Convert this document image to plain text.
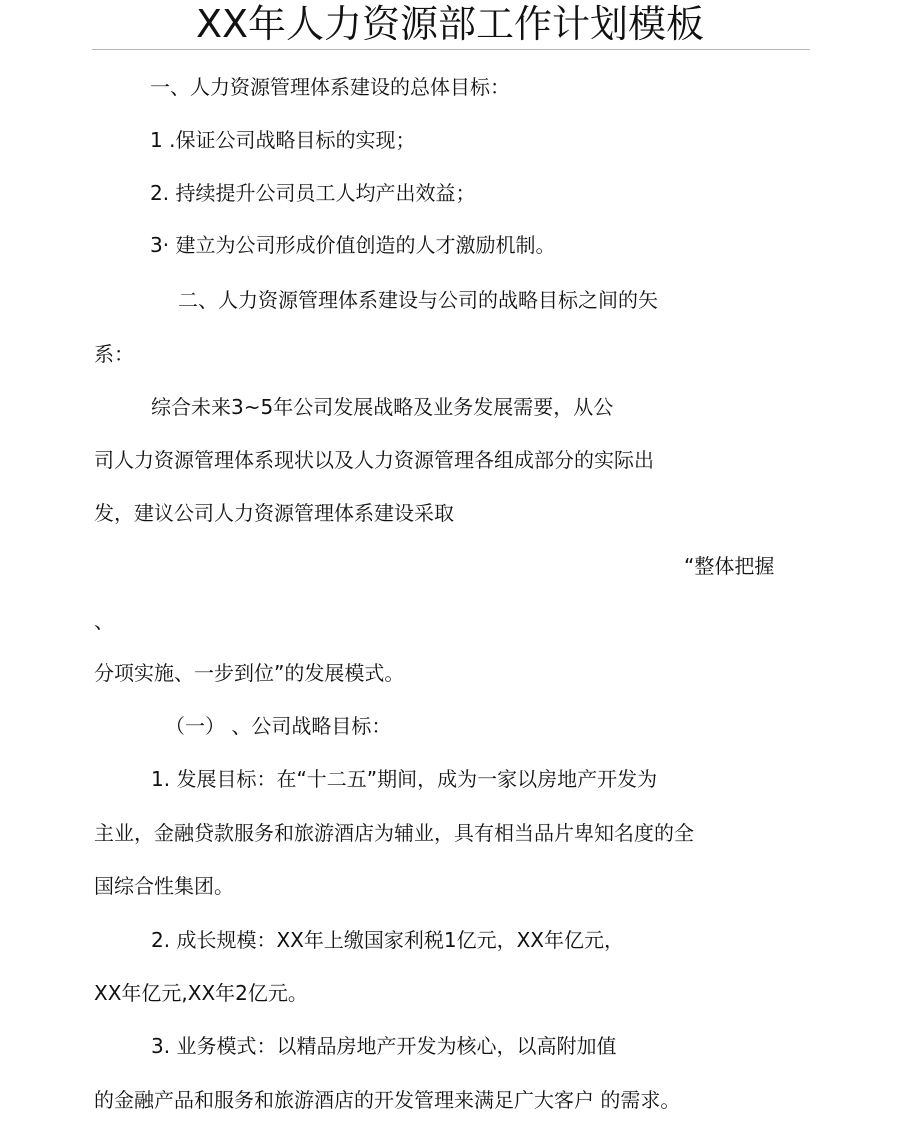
XX年人力资源部工作计划模板
一、人力资源管理体系建设的总体目标：
1 .保证公司战略目标的实现；
2. 持续提升公司员工人均产出效益；
3· 建立为公司形成价值创造的人才激励机制。
二、人力资源管理体系建设与公司的战略目标之间的矢
系：
综合未来3~5年公司发展战略及业务发展需要，从公
司人力资源管理体系现状以及人力资源管理各组成部分的实际出
发，建议公司人力资源管理体系建设采取
“整体把握
、
分项实施、一步到位”的发展模式。
（一） 、公司战略目标：
1. 发展目标：在“十二五”期间，成为一家以房地产开发为
主业，金融贷款服务和旅游酒店为辅业，具有相当品片卑知名度的全
国综合性集团。
2. 成长规模：XX年上缴国家利税1亿元，XX年亿元，
XX年亿元,XX年2亿元。
3. 业务模式：以精品房地产开发为核心，以高附加值
的金融产品和服务和旅游酒店的开发管理来满足广大客户 的需求。
